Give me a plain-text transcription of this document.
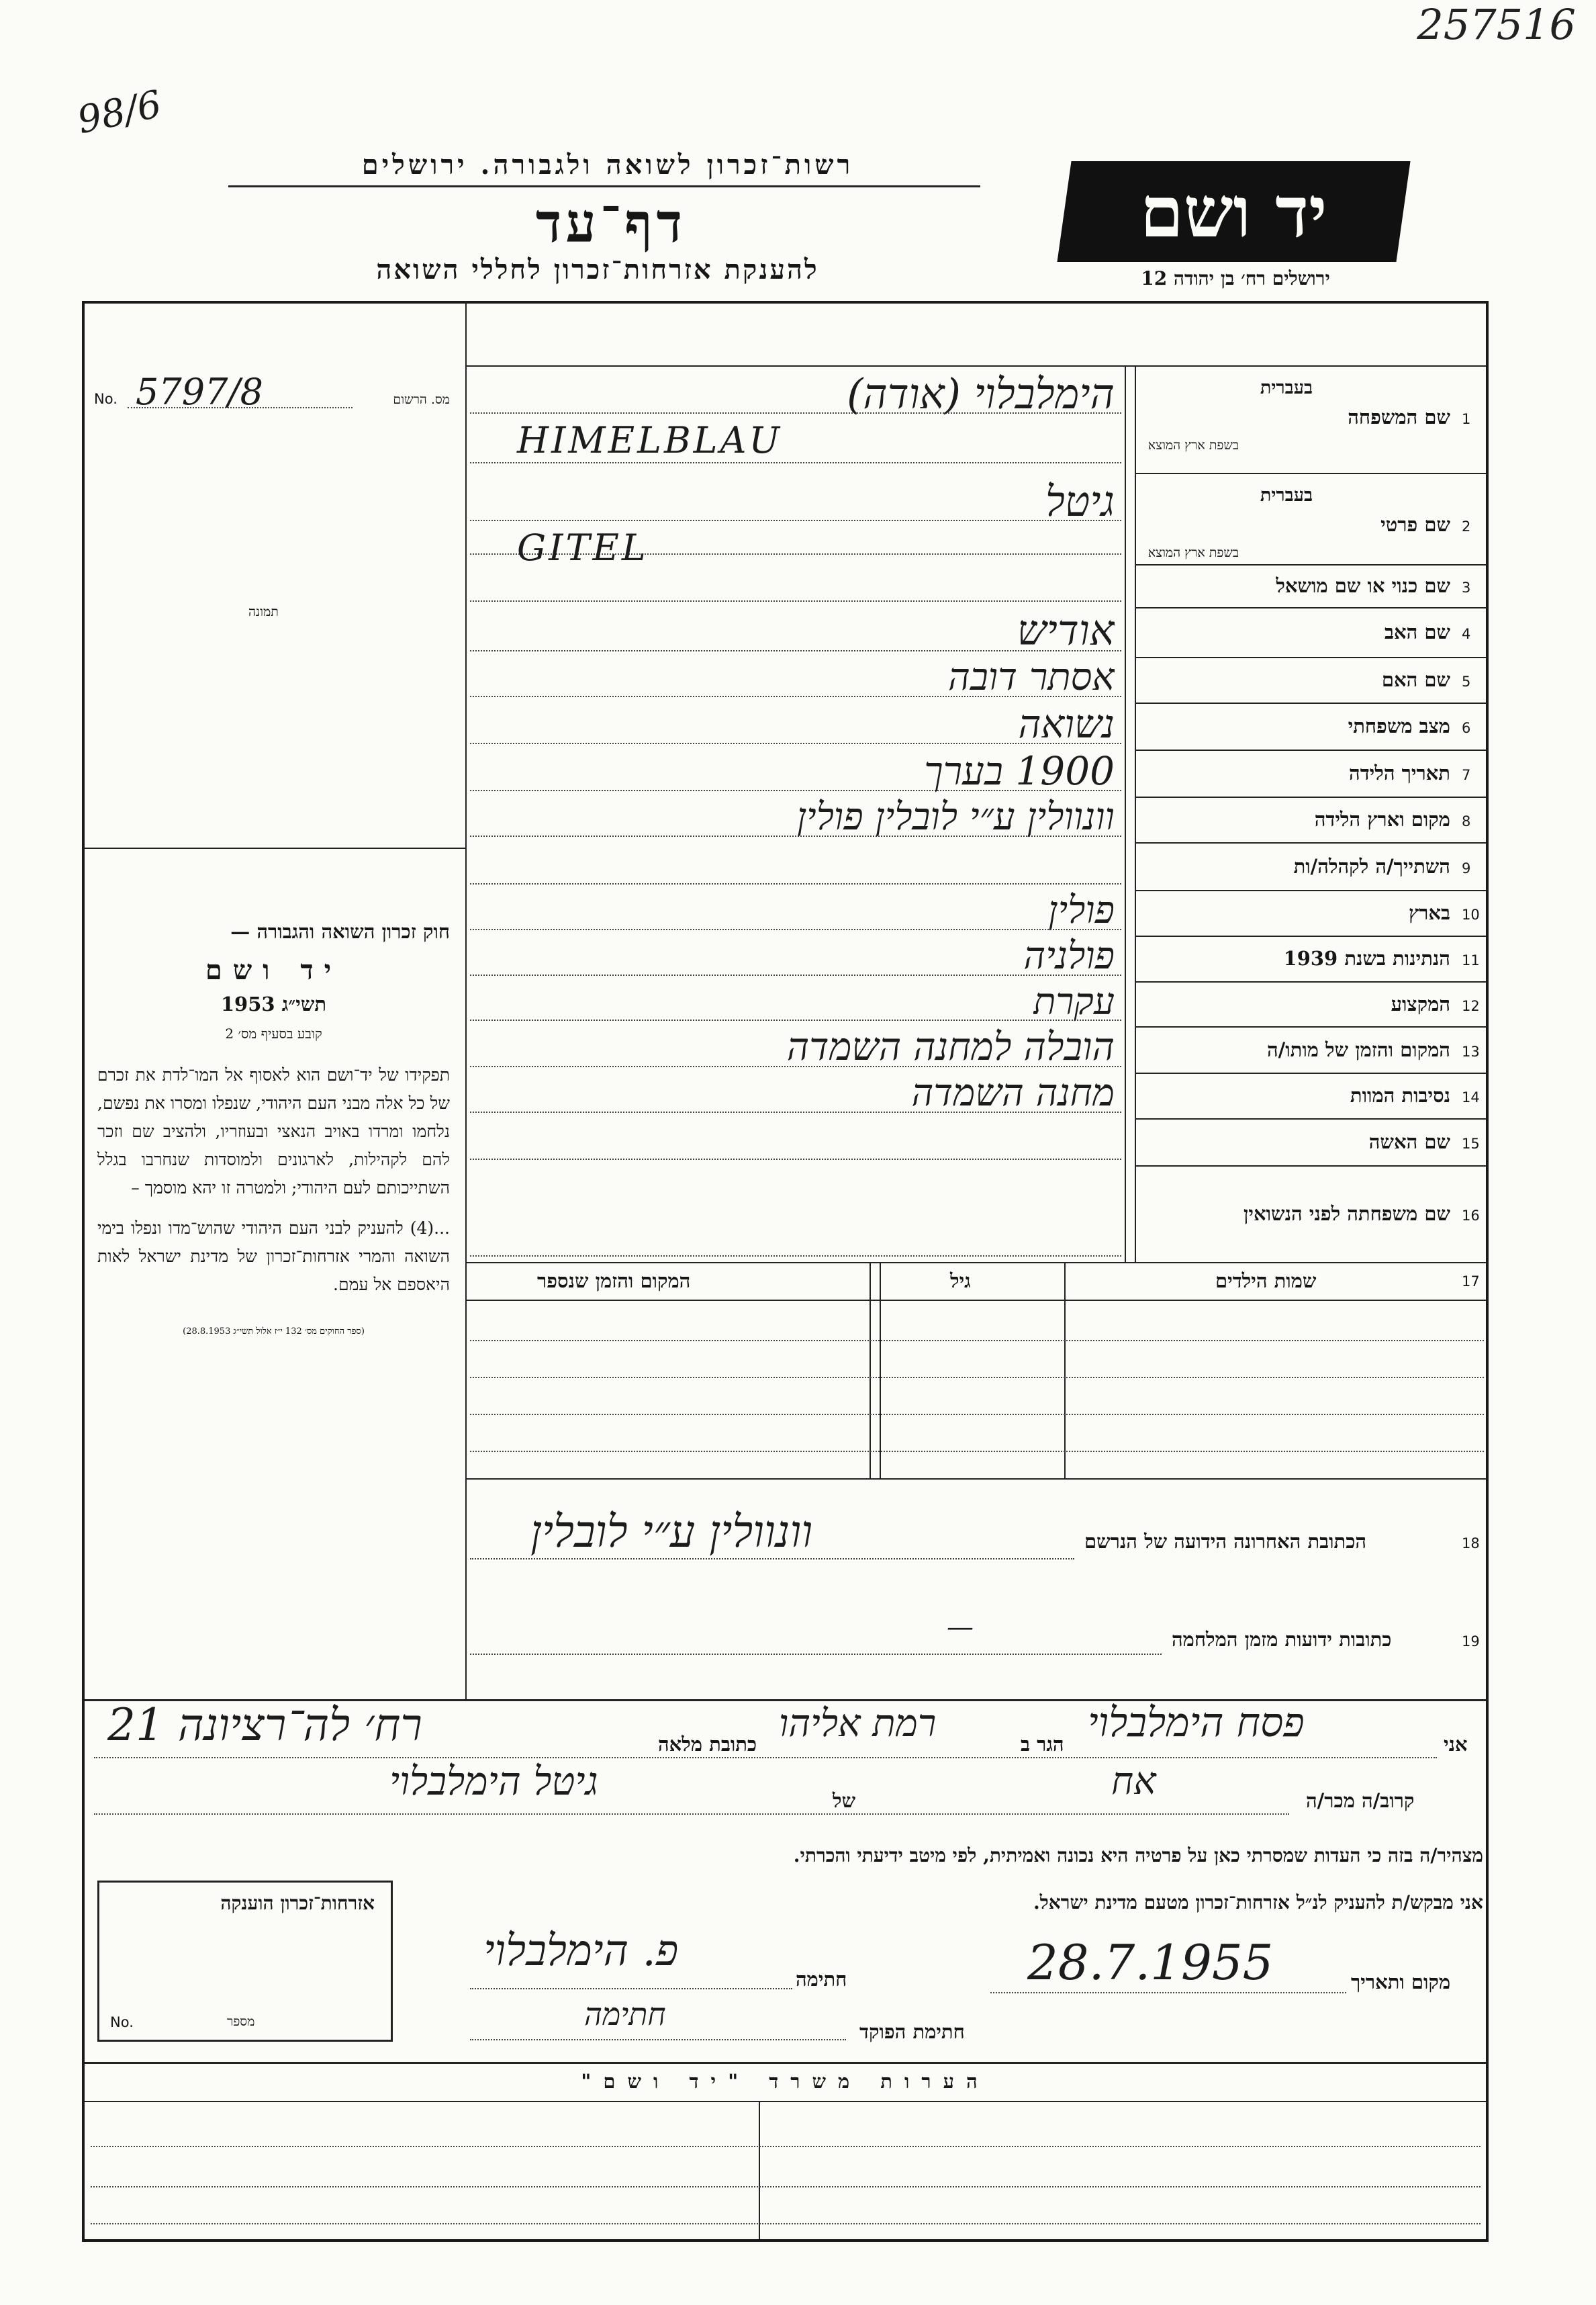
257516
98/6
רשות־זכרון לשואה ולגבורה. ירושלים
דף־עד
להענקת אזרחות־זכרון לחללי השואה
יד ושם
ירושלים רח׳ בן יהודה 12
No. 5797/8	מס. הרשום
תמונה
חוק זכרון השואה והגבורה —
יד ושם
תשי״ג 1953
קובע בסעיף מס׳ 2
תפקידו של יד־ושם הוא לאסוף אל המו־לדת את זכרם של כל אלה מבני העם היהודי, שנפלו ומסרו את נפשם, נלחמו ומרדו באויב הנאצי ובעוזריו, ולהציב שם וזכר להם לקהילות, לארגונים ולמוסדות שנחרבו בגלל השתייכותם לעם היהודי; ולמטרה זו יהא מוסמך –
...(4) להעניק לבני העם היהודי שהוש־מדו ונפלו בימי השואה והמרי אזרחות־זכרון של מדינת ישראל לאות היאספם אל עמם.
(ספר החוקים מס׳ 132 י״ז אלול תשי״ג 28.8.1953)
1
שם המשפחה
בעברית
בשפת ארץ המוצא
הימלבלוי (אודה)
HIMELBLAU
2
שם פרטי
בעברית
בשפת ארץ המוצא
גיטל
GITEL
3
שם כנוי או שם מושאל
4
שם האב
אודיש
5
שם האם
אסתר דובה
6
מצב משפחתי
נשואה
7
תאריך הלידה
1900 בערך
8
מקום וארץ הלידה
וונוולין ע״י לובלין פולין
9
השתייך/ה לקהלה/ות
10
בארץ
פולין
11
הנתינות בשנת 1939
פולניה
12
המקצוע
עקרת
13
המקום והזמן של מותו/ה
הובלה למחנה השמדה
14
נסיבות המוות
מחנה השמדה
15
שם האשה
16
שם משפחתה לפני הנשואין
17
שמות הילדים
גיל
המקום והזמן שנספר
18
הכתובת האחרונה הידועה של הנרשם
וונוולין ע״י לובלין
19
כתובות ידועות מזמן המלחמה
—
אני
פסח הימלבלוי
הגר ב
רמת אליהו
כתובת מלאה
רח׳ לה־רציונה 21
קרוב/ה מכר/ה
אח
של
גיטל הימלבלוי
מצהיר/ה בזה כי העדות שמסרתי כאן על פרטיה היא נכונה ואמיתית, לפי מיטב ידיעתי והכרתי.
אני מבקש/ת להעניק לנ״ל אזרחות־זכרון מטעם מדינת ישראל.
מקום ותאריך
28.7.1955
חתימה
פ. הימלבלוי
חתימת הפוקד
חתימה
אזרחות־זכרון הוענקה
No.	מספר
הערות משרד "יד ושם"
